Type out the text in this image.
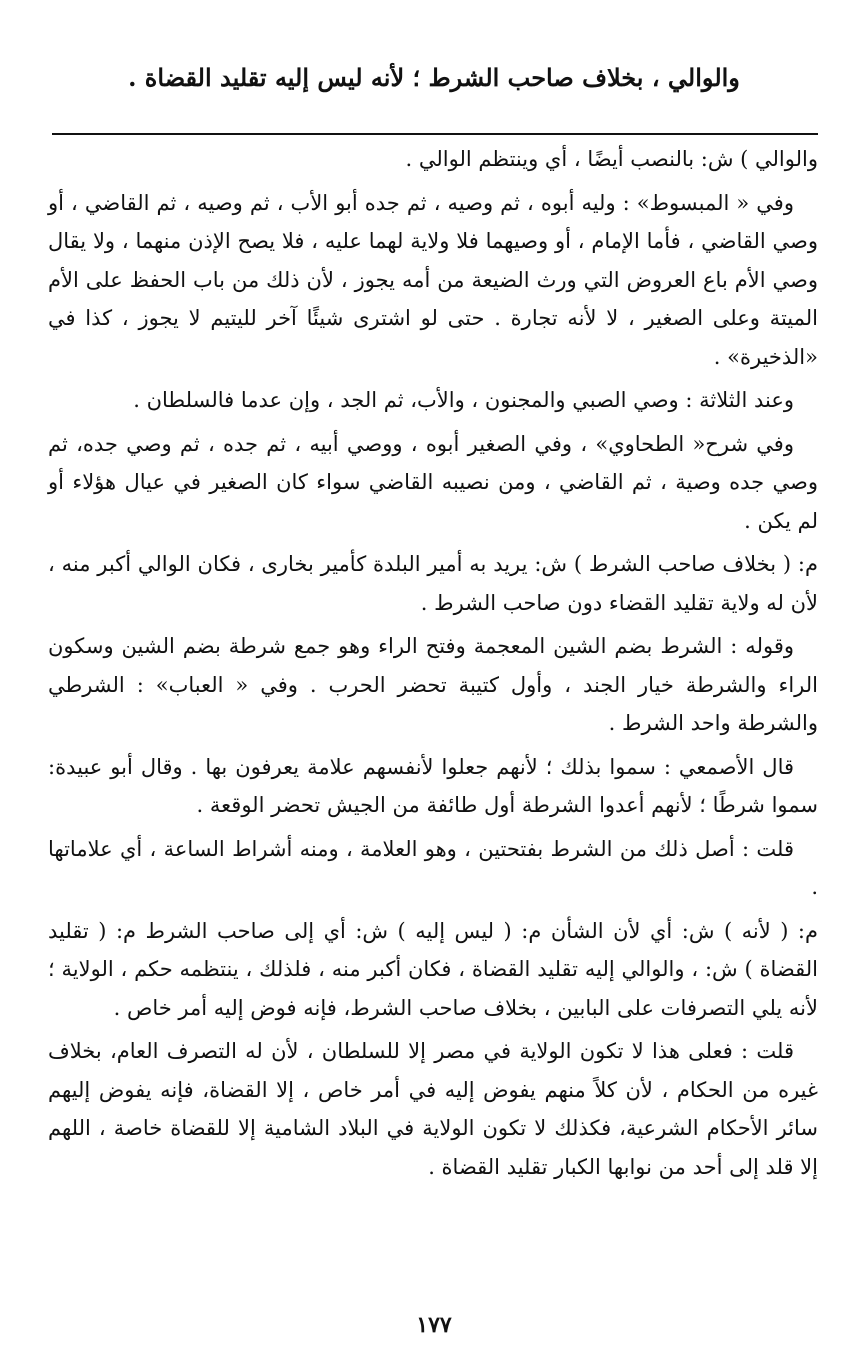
والوالي ، بخلاف صاحب الشرط ؛ لأنه ليس إليه تقليد القضاة .

والوالي ) ش: بالنصب أيضًا ، أي وينتظم الوالي .

وفي « المبسوط» : وليه أبوه ، ثم وصيه ، ثم جده أبو الأب ، ثم وصيه ، ثم القاضي ، أو وصي القاضي ، فأما الإمام ، أو وصيهما فلا ولاية لهما عليه ، فلا يصح الإذن منهما ، ولا يقال وصي الأم باع العروض التي ورث الضيعة من أمه يجوز ، لأن ذلك من باب الحفظ على الأم الميتة وعلى الصغير ، لا لأنه تجارة . حتى لو اشترى شيئًا آخر لليتيم لا يجوز ، كذا في «الذخيرة» .

وعند الثلاثة : وصي الصبي والمجنون ، والأب، ثم الجد ، وإن عدما فالسلطان .

وفي شرح« الطحاوي» ، وفي الصغير أبوه ، ووصي أبيه ، ثم جده ، ثم وصي جده، ثم وصي جده وصية ، ثم القاضي ، ومن نصيبه القاضي سواء كان الصغير في عيال هؤلاء أو لم يكن .

م: ( بخلاف صاحب الشرط ) ش: يريد به أمير البلدة كأمير بخارى ، فكان الوالي أكبر منه ، لأن له ولاية تقليد القضاء دون صاحب الشرط .

وقوله : الشرط بضم الشين المعجمة وفتح الراء وهو جمع شرطة بضم الشين وسكون الراء والشرطة خيار الجند ، وأول كتيبة تحضر الحرب . وفي « العباب» : الشرطي والشرطة واحد الشرط .

قال الأصمعي : سموا بذلك ؛ لأنهم جعلوا لأنفسهم علامة يعرفون بها . وقال أبو عبيدة: سموا شرطًا ؛ لأنهم أعدوا الشرطة أول طائفة من الجيش تحضر الوقعة .

قلت : أصل ذلك من الشرط بفتحتين ، وهو العلامة ، ومنه أشراط الساعة ، أي علاماتها .

م: ( لأنه ) ش: أي لأن الشأن م: ( ليس إليه ) ش: أي إلى صاحب الشرط م: ( تقليد القضاة ) ش: ، والوالي إليه تقليد القضاة ، فكان أكبر منه ، فلذلك ، ينتظمه حكم ، الولاية ؛ لأنه يلي التصرفات على البابين ، بخلاف صاحب الشرط، فإنه فوض إليه أمر خاص .

قلت : فعلى هذا لا تكون الولاية في مصر إلا للسلطان ، لأن له التصرف العام، بخلاف غيره من الحكام ، لأن كلاً منهم يفوض إليه في أمر خاص ، إلا القضاة، فإنه يفوض إليهم سائر الأحكام الشرعية، فكذلك لا تكون الولاية في البلاد الشامية إلا للقضاة خاصة ، اللهم إلا قلد إلى أحد من نوابها الكبار تقليد القضاة .

١٧٧
